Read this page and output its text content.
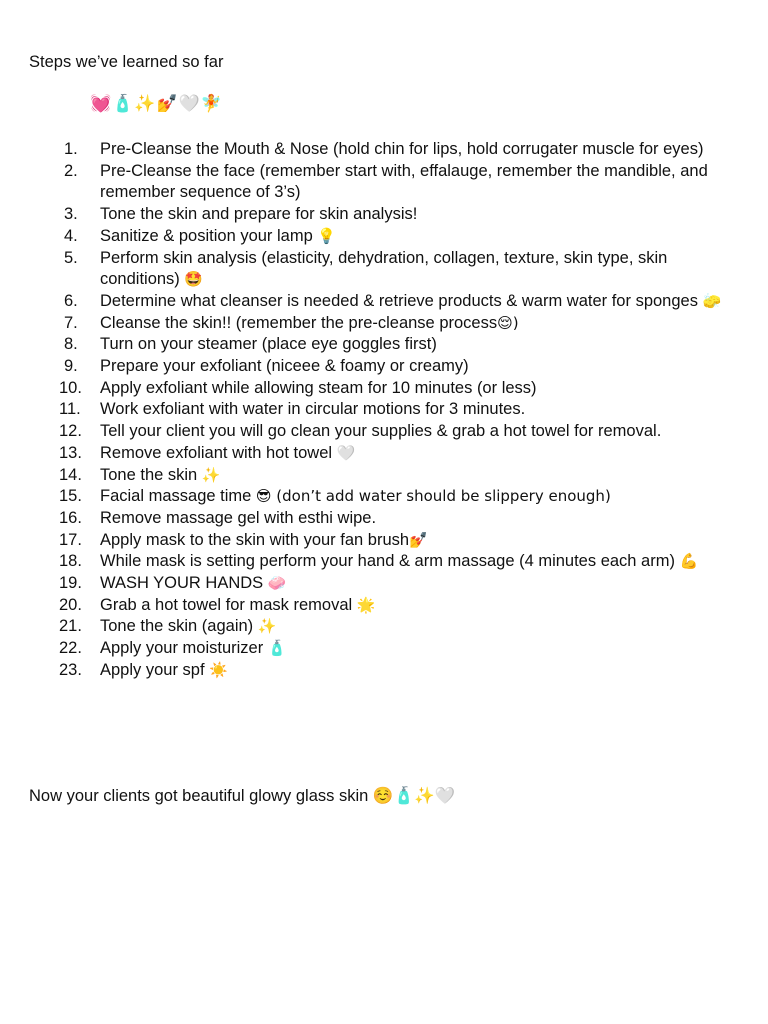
Steps we’ve learned so far
💓🧴✨💅🤍🧚
1. Pre-Cleanse the Mouth & Nose (hold chin for lips, hold corrugater muscle for eyes)
2. Pre-Cleanse the face (remember start with, effalauge, remember the mandible, and remember sequence of 3’s)
3. Tone the skin and prepare for skin analysis!
4. Sanitize & position your lamp 💡
5. Perform skin analysis (elasticity, dehydration, collagen, texture, skin type, skin conditions) 🤩
6. Determine what cleanser is needed & retrieve products & warm water for sponges 🧽
7. Cleanse the skin!! (remember the pre-cleanse process😌)
8. Turn on your steamer (place eye goggles first)
9. Prepare your exfoliant (niceee & foamy or creamy)
10. Apply exfoliant while allowing steam for 10 minutes (or less)
11. Work exfoliant with water in circular motions for 3 minutes.
12. Tell your client you will go clean your supplies & grab a hot towel for removal.
13. Remove exfoliant with hot towel 🤍
14. Tone the skin ✨
15. Facial massage time 😎 (don’t add water should be slippery enough)
16. Remove massage gel with esthi wipe.
17. Apply mask to the skin with your fan brush💅
18. While mask is setting perform your hand & arm massage (4 minutes each arm) 💪
19. WASH YOUR HANDS 🧼
20. Grab a hot towel for mask removal 🌟
21. Tone the skin (again) ✨
22. Apply your moisturizer 🧴
23. Apply your spf ☀️
Now your clients got beautiful glowy glass skin ☺️🧴✨🤍
